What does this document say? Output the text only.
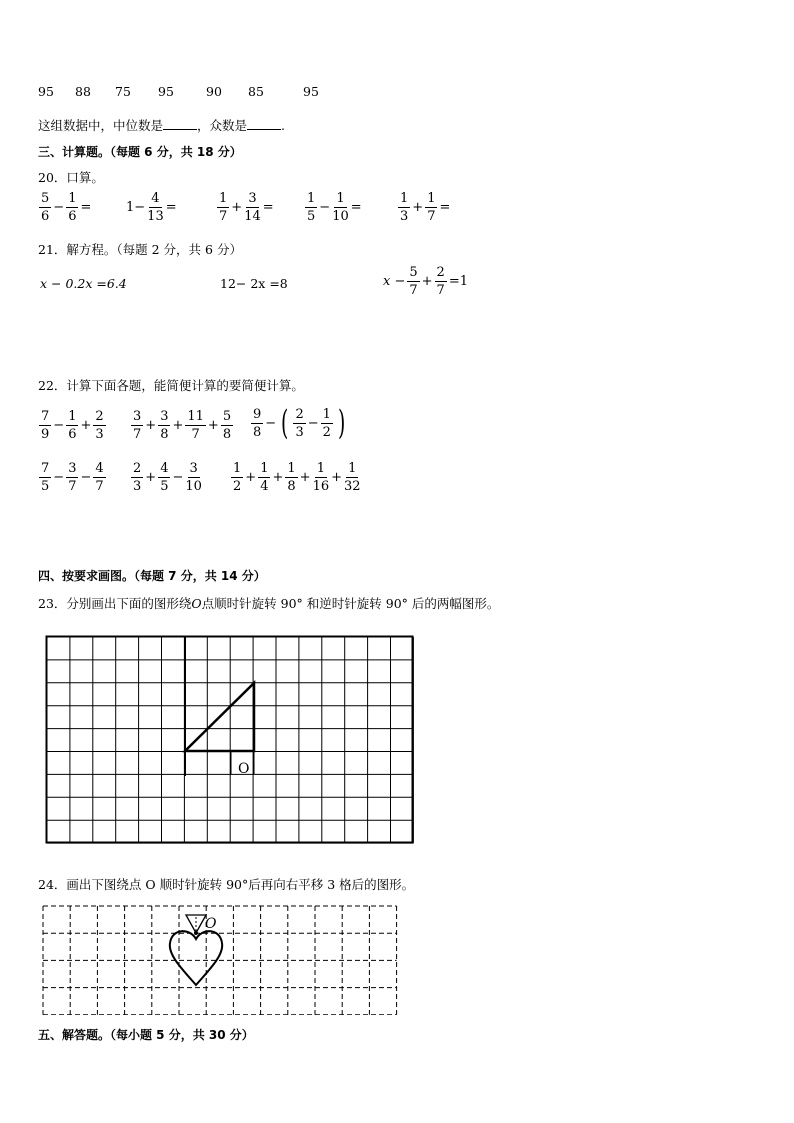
95 88 75 95	90 85	95
这组数据中，中位数是	，众数是	.
三、计算题。（每题 6 分，共 18 分）
20．口算。
5
6
− $\frac{1}{6}$ =	$1- \frac{4}{13}$ =
1
7
+ $\frac{3}{14}$ =
1
5
− $\frac{1}{10}$ =
1
3
+ $\frac{1}{7}$ =
21．解方程。（每题 2 分，共 6 分）
x − 0.2x =6.4	12− 2x =8	$x - \frac{5}{7} + \frac{2}{7} =1$
22．计算下面各题，能简便计算的要简便计算。
7
9
− $\frac{1}{6} + \frac{2}{3} 3$
7
+ $\frac{3}{8} + \frac{11}{7} + \frac{5}{8} 9$
8
− ( 2
3
− $\frac{1}{2}$ )
7
5
− $\frac{3}{7} - \frac{4}{7} 2$
3
+ $\frac{4}{5} - \frac{3}{10} 1$
2
+ $\frac{1}{4} + \frac{1}{8} + \frac{1}{16} + \frac{1}{32}$
四、按要求画图。（每题 7 分，共 14 分）
23．分别画出下面的图形绕O点顺时针旋转 90° 和逆时针旋转 90° 后的两幅图形。
O
24．画出下图绕点 O 顺时针旋转 90°后再向右平移 3 格后的图形。
O
五、解答题。（每小题 5 分，共 30 分）
